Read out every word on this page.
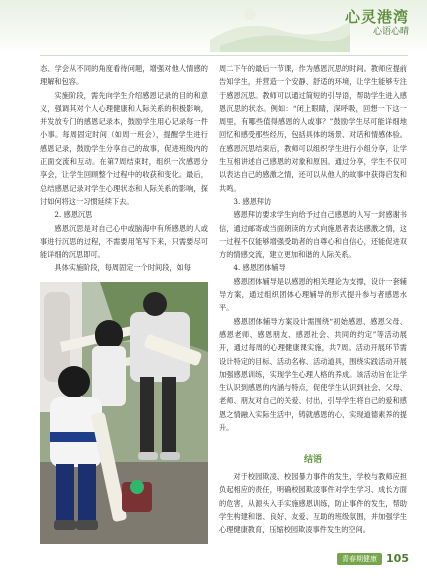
心灵港湾
心语心晴

态、学会从不同的角度看待问题，增强对他人情感的理解和包容。

实施阶段，需先向学生介绍感恩记录的目的和意义，强调其对个人心理健康和人际关系的积极影响，并发放专门的感恩记录本，鼓励学生用心记录每一件小事。每周固定时间（如周一班会），提醒学生进行感恩记录，鼓励学生分享自己的故事，促进班级内的正面交流和互动。在第7周结束时，组织一次感恩分享会，让学生回顾整个过程中的收获和变化。最后，总结感恩记录对学生心理状态和人际关系的影响，探讨如何将这一习惯延续下去。

2. 感恩沉思

感恩沉思是对自己心中或脑海中有所感恩的人或事进行沉思的过程，不需要用笔写下来，只需要尽可能详细的沉思即可。

具体实施阶段，每周固定一个时间段，如每

周二下午的最后一节课，作为感恩沉思的时间。教师应提前告知学生，并营造一个安静、舒适的环境，让学生能够专注于感恩沉思。教师可以通过简短的引导语，帮助学生进入感恩沉思的状态。例如：“闭上眼睛，深呼吸，回想一下这一周里，有哪些值得感恩的人或事？”鼓励学生尽可能详细地回忆和感受那些经历，包括具体的场景、对话和情感体验。在感恩沉思结束后，教师可以组织学生进行小组分享，让学生互相讲述自己感恩的对象和原因。通过分享，学生不仅可以表达自己的感激之情，还可以从他人的故事中获得启发和共鸣。

3. 感恩拜访

感恩拜访要求学生向给予过自己感恩的人写一封感谢书信，通过邮寄或当面朗读的方式向施恩者表达感激之情，这一过程不仅能够增强受助者的自尊心和自信心，还能促进双方的情感交流，建立更加和谐的人际关系。

4. 感恩团体辅导

感恩团体辅导是以感恩的相关理论为支撑，设计一套辅导方案，通过组织团体心理辅导的形式提升参与者感恩水平。

感恩团体辅导方案设计需围绕“初始感恩、感恩父母、感恩老师、感恩朋友、感恩社会、共同的约定”等活动展开，通过每周的心理健康课实施，共7周。活动开展环节需设计特定的目标、活动名称、活动道具，围绕实践活动开展加强感恩训练，实现学生心理人格的养成。该活动旨在让学生认识到感恩的内涵与特点，促使学生认识到社会、父母、老师、朋友对自己的关爱、付出，引导学生将自己的爱和感恩之情融入实际生活中，铸就感恩的心，实现道德素养的提升。

结语

对于校园欺凌、校园暴力事件的发生，学校与教师应担负起相应的责任，明确校园欺凌事件对学生学习、成长方面的危害，从源头入手实施感恩训练，防止事件的发生，帮助学生构建和谐、良好、友爱、互助的班级氛围，并加强学生心理健康教育，压缩校园欺凌事件发生的空间。

青春期健康 105
